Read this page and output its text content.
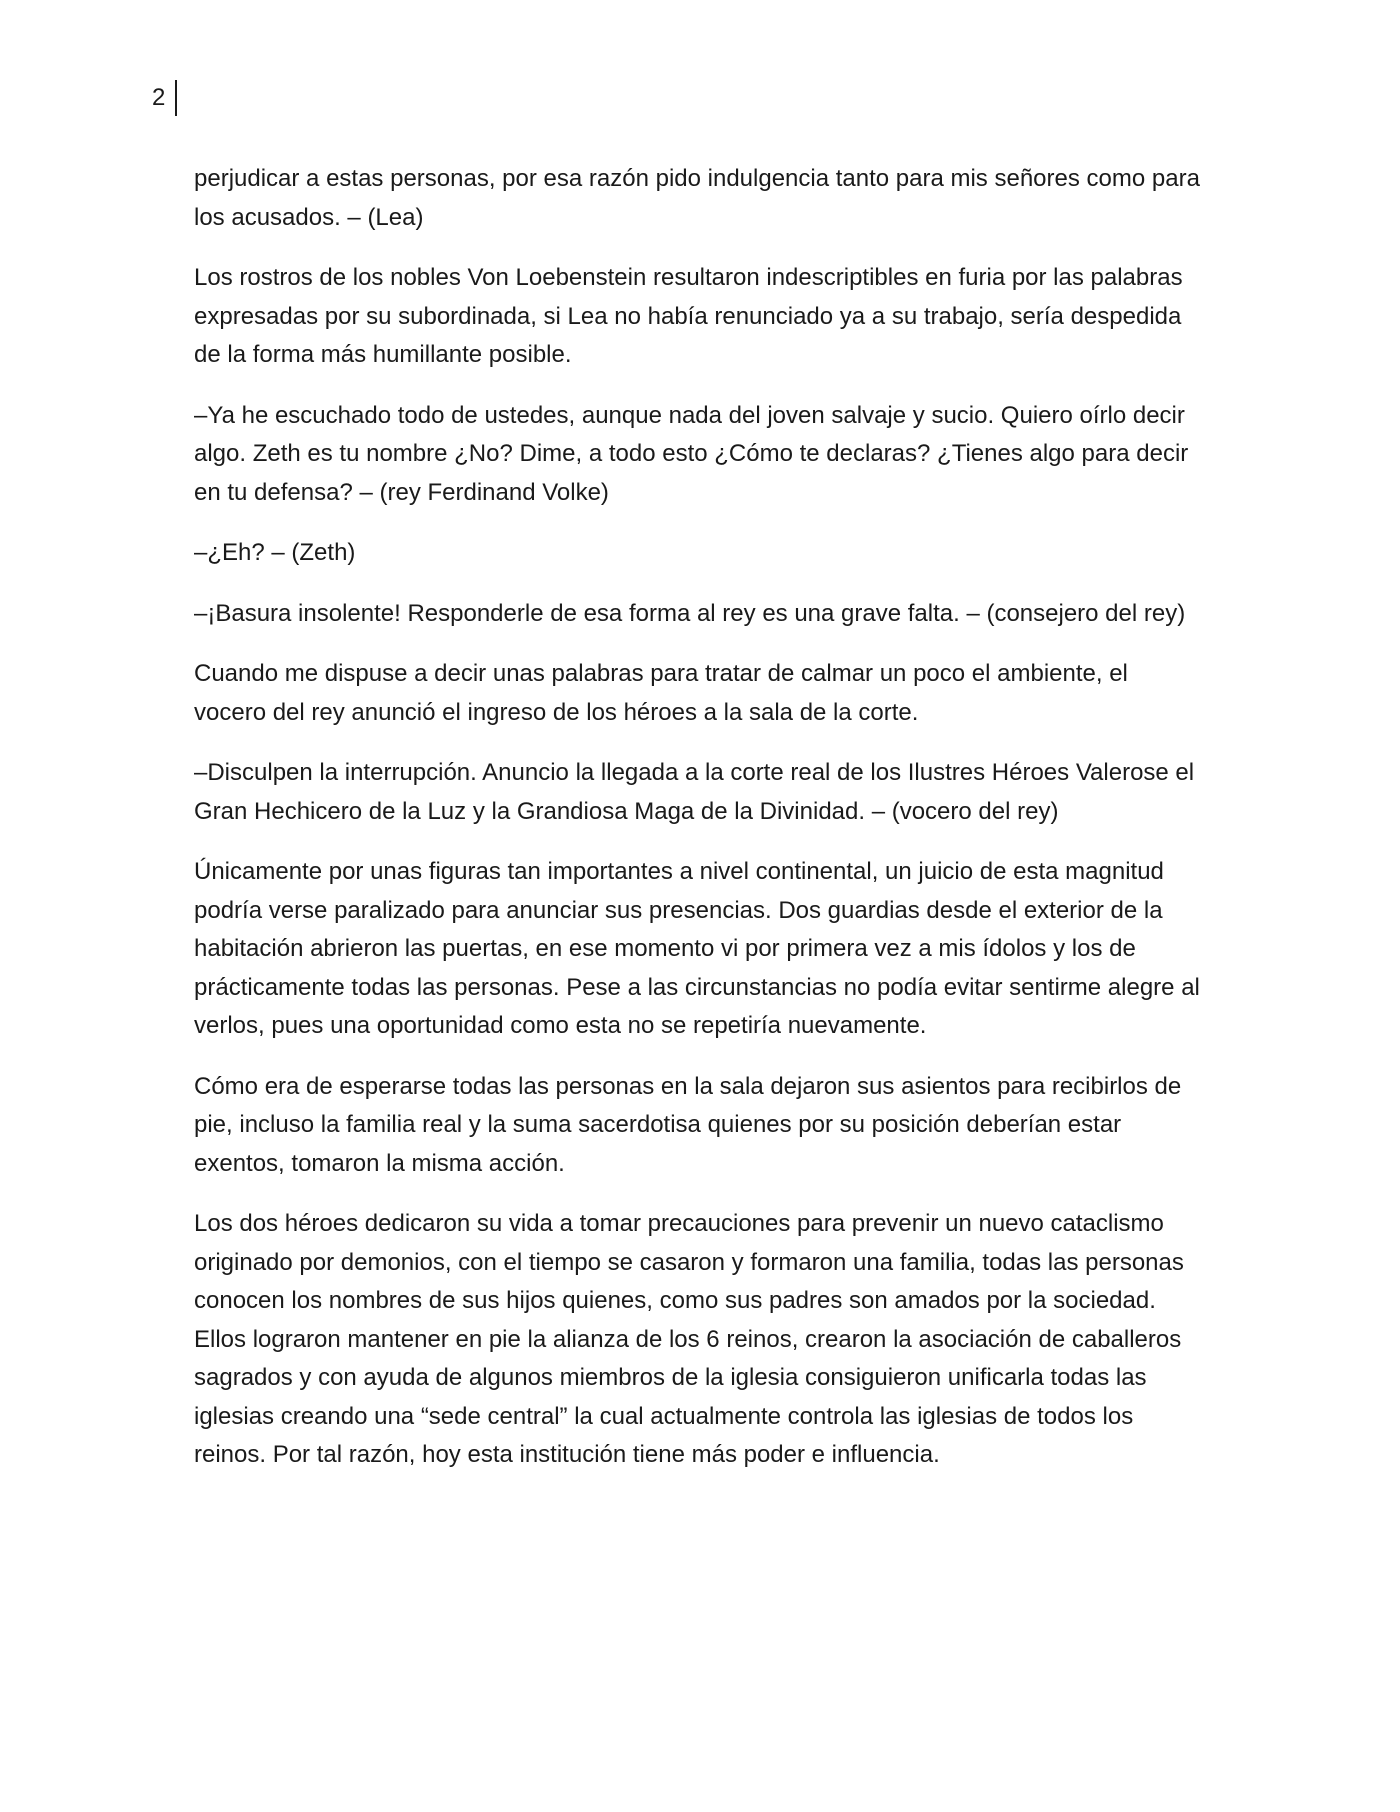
2

perjudicar a estas personas, por esa razón pido indulgencia tanto para mis señores como para los acusados. – (Lea)

Los rostros de los nobles Von Loebenstein resultaron indescriptibles en furia por las palabras expresadas por su subordinada, si Lea no había renunciado ya a su trabajo, sería despedida de la forma más humillante posible.

–Ya he escuchado todo de ustedes, aunque nada del joven salvaje y sucio. Quiero oírlo decir algo. Zeth es tu nombre ¿No? Dime, a todo esto ¿Cómo te declaras? ¿Tienes algo para decir en tu defensa? – (rey Ferdinand Volke)

–¿Eh? – (Zeth)

–¡Basura insolente! Responderle de esa forma al rey es una grave falta. – (consejero del rey)

Cuando me dispuse a decir unas palabras para tratar de calmar un poco el ambiente, el vocero del rey anunció el ingreso de los héroes a la sala de la corte.

–Disculpen la interrupción. Anuncio la llegada a la corte real de los Ilustres Héroes Valerose el Gran Hechicero de la Luz y la Grandiosa Maga de la Divinidad. – (vocero del rey)

Únicamente por unas figuras tan importantes a nivel continental, un juicio de esta magnitud podría verse paralizado para anunciar sus presencias. Dos guardias desde el exterior de la habitación abrieron las puertas, en ese momento vi por primera vez a mis ídolos y los de prácticamente todas las personas. Pese a las circunstancias no podía evitar sentirme alegre al verlos, pues una oportunidad como esta no se repetiría nuevamente.

Cómo era de esperarse todas las personas en la sala dejaron sus asientos para recibirlos de pie, incluso la familia real y la suma sacerdotisa quienes por su posición deberían estar exentos, tomaron la misma acción.

Los dos héroes dedicaron su vida a tomar precauciones para prevenir un nuevo cataclismo originado por demonios, con el tiempo se casaron y formaron una familia, todas las personas conocen los nombres de sus hijos quienes, como sus padres son amados por la sociedad. Ellos lograron mantener en pie la alianza de los 6 reinos, crearon la asociación de caballeros sagrados y con ayuda de algunos miembros de la iglesia consiguieron unificarla todas las iglesias creando una “sede central” la cual actualmente controla las iglesias de todos los reinos. Por tal razón, hoy esta institución tiene más poder e influencia.
